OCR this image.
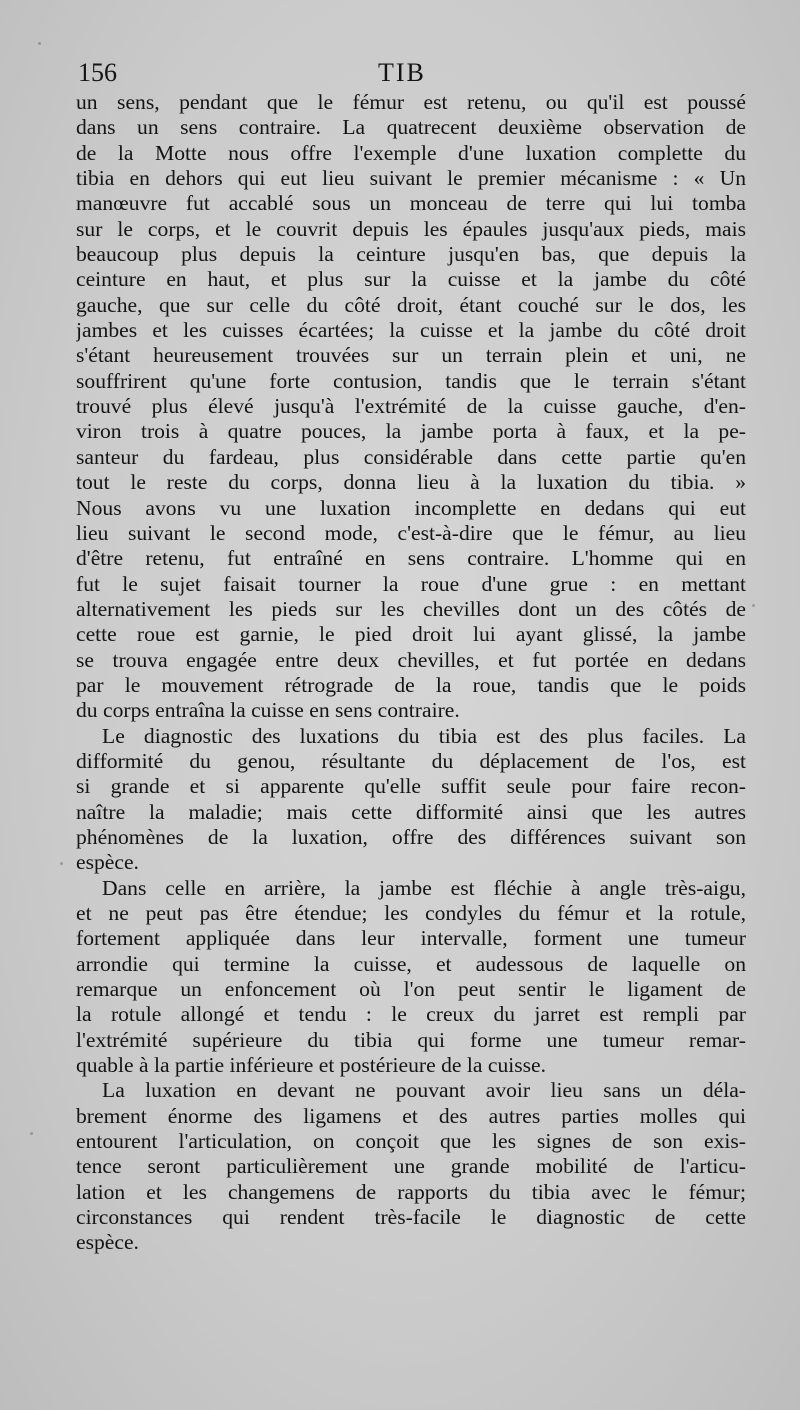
156	TIB
un sens, pendant que le fémur est retenu, ou qu'il est poussé
dans un sens contraire. La quatrecent deuxième observation de
de la Motte nous offre l'exemple d'une luxation complette du
tibia en dehors qui eut lieu suivant le premier mécanisme : « Un
manœuvre fut accablé sous un monceau de terre qui lui tomba
sur le corps, et le couvrit depuis les épaules jusqu'aux pieds, mais
beaucoup plus depuis la ceinture jusqu'en bas, que depuis la
ceinture en haut, et plus sur la cuisse et la jambe du côté
gauche, que sur celle du côté droit, étant couché sur le dos, les
jambes et les cuisses écartées; la cuisse et la jambe du côté droit
s'étant heureusement trouvées sur un terrain plein et uni, ne
souffrirent qu'une forte contusion, tandis que le terrain s'étant
trouvé plus élevé jusqu'à l'extrémité de la cuisse gauche, d'en-
viron trois à quatre pouces, la jambe porta à faux, et la pe-
santeur du fardeau, plus considérable dans cette partie qu'en
tout le reste du corps, donna lieu à la luxation du tibia. »
Nous avons vu une luxation incomplette en dedans qui eut
lieu suivant le second mode, c'est-à-dire que le fémur, au lieu
d'être retenu, fut entraîné en sens contraire. L'homme qui en
fut le sujet faisait tourner la roue d'une grue : en mettant
alternativement les pieds sur les chevilles dont un des côtés de
cette roue est garnie, le pied droit lui ayant glissé, la jambe
se trouva engagée entre deux chevilles, et fut portée en dedans
par le mouvement rétrograde de la roue, tandis que le poids
du corps entraîna la cuisse en sens contraire.
Le diagnostic des luxations du tibia est des plus faciles. La
difformité du genou, résultante du déplacement de l'os, est
si grande et si apparente qu'elle suffit seule pour faire recon-
naître la maladie; mais cette difformité ainsi que les autres
phénomènes de la luxation, offre des différences suivant son
espèce.
Dans celle en arrière, la jambe est fléchie à angle très-aigu,
et ne peut pas être étendue; les condyles du fémur et la rotule,
fortement appliquée dans leur intervalle, forment une tumeur
arrondie qui termine la cuisse, et audessous de laquelle on
remarque un enfoncement où l'on peut sentir le ligament de
la rotule allongé et tendu : le creux du jarret est rempli par
l'extrémité supérieure du tibia qui forme une tumeur remar-
quable à la partie inférieure et postérieure de la cuisse.
La luxation en devant ne pouvant avoir lieu sans un déla-
brement énorme des ligamens et des autres parties molles qui
entourent l'articulation, on conçoit que les signes de son exis-
tence seront particulièrement une grande mobilité de l'articu-
lation et les changemens de rapports du tibia avec le fémur;
circonstances qui rendent très-facile le diagnostic de cette
espèce.
